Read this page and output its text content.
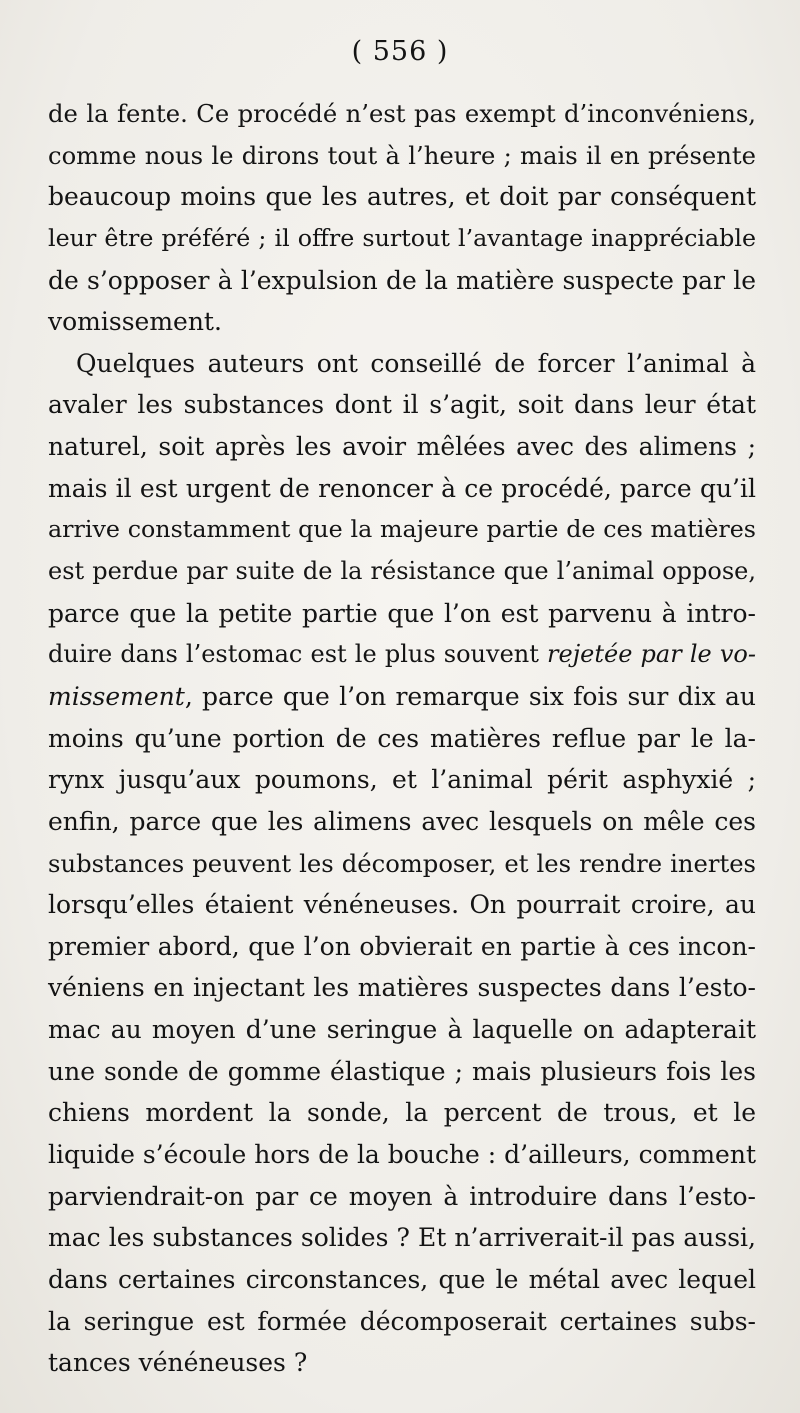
( 556 )
de la fente. Ce procédé n’est pas exempt d’inconvéniens,
comme nous le dirons tout à l’heure ; mais il en présente
beaucoup moins que les autres, et doit par conséquent
leur être préféré ; il offre surtout l’avantage inappréciable
de s’opposer à l’expulsion de la matière suspecte par le
vomissement.
Quelques auteurs ont conseillé de forcer l’animal à
avaler les substances dont il s’agit, soit dans leur état
naturel, soit après les avoir mêlées avec des alimens ;
mais il est urgent de renoncer à ce procédé, parce qu’il
arrive constamment que la majeure partie de ces matières
est perdue par suite de la résistance que l’animal oppose,
parce que la petite partie que l’on est parvenu à intro-
duire dans l’estomac est le plus souvent rejetée par le vo-
missement, parce que l’on remarque six fois sur dix au
moins qu’une portion de ces matières reflue par le la-
rynx jusqu’aux poumons, et l’animal périt asphyxié ;
enfin, parce que les alimens avec lesquels on mêle ces
substances peuvent les décomposer, et les rendre inertes
lorsqu’elles étaient vénéneuses. On pourrait croire, au
premier abord, que l’on obvierait en partie à ces incon-
véniens en injectant les matières suspectes dans l’esto-
mac au moyen d’une seringue à laquelle on adapterait
une sonde de gomme élastique ; mais plusieurs fois les
chiens mordent la sonde, la percent de trous, et le
liquide s’écoule hors de la bouche : d’ailleurs, comment
parviendrait-on par ce moyen à introduire dans l’esto-
mac les substances solides ? Et n’arriverait-il pas aussi,
dans certaines circonstances, que le métal avec lequel
la seringue est formée décomposerait certaines subs-
tances vénéneuses ?
